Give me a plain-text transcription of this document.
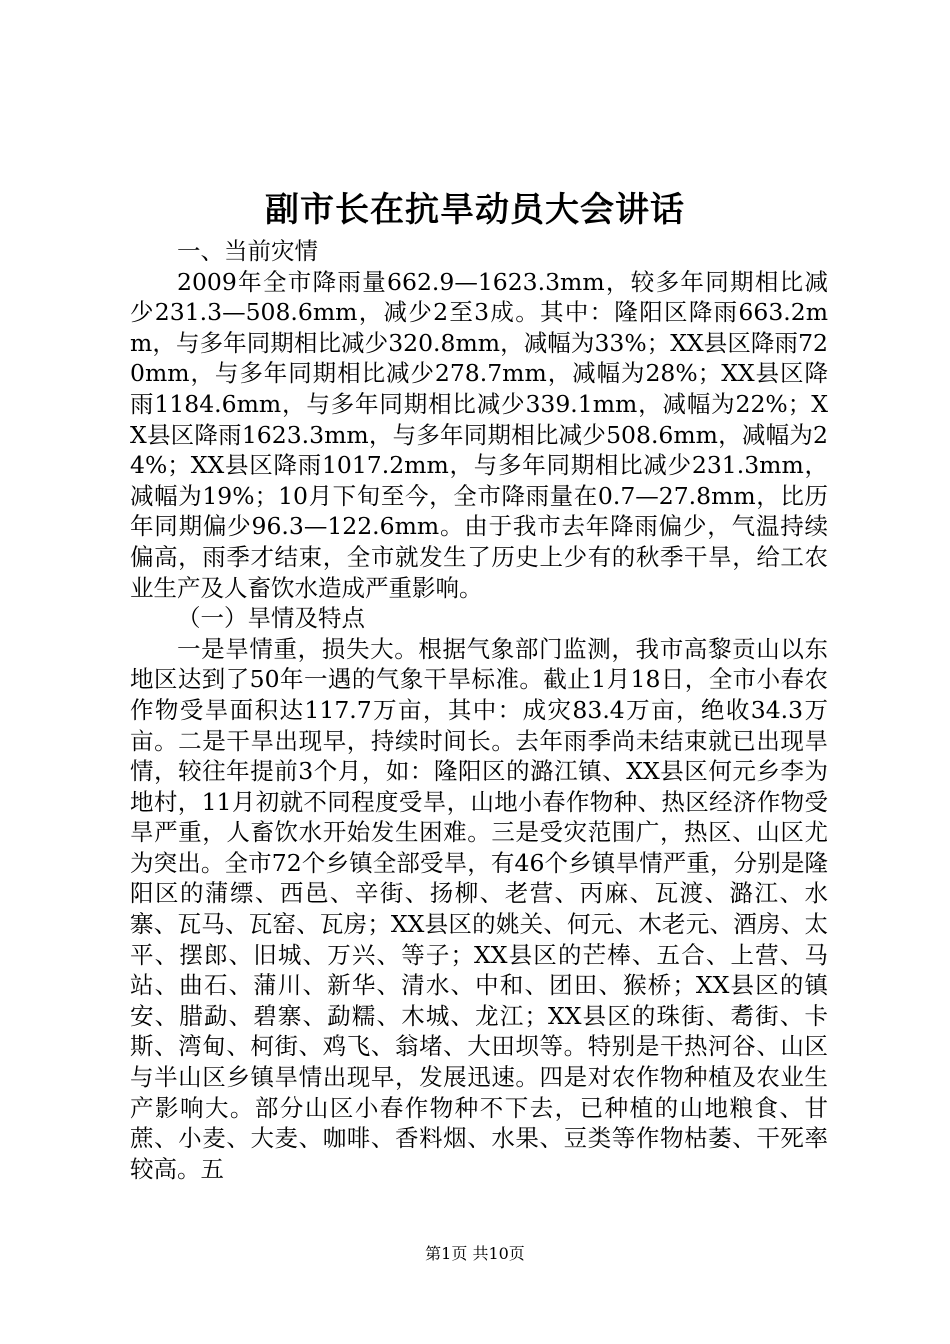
副市长在抗旱动员大会讲话

一、当前灾情

2009年全市降雨量662.9—1623.3mm，较多年同期相比减少231.3—508.6mm，减少2至3成。其中：隆阳区降雨663.2mm，与多年同期相比减少320.8mm，减幅为33%；XX县区降雨720mm，与多年同期相比减少278.7mm，减幅为28%；XX县区降雨1184.6mm，与多年同期相比减少339.1mm，减幅为22%；XX县区降雨1623.3mm，与多年同期相比减少508.6mm，减幅为24%；XX县区降雨1017.2mm，与多年同期相比减少231.3mm，减幅为19%；10月下旬至今，全市降雨量在0.7—27.8mm，比历年同期偏少96.3—122.6mm。由于我市去年降雨偏少，气温持续偏高，雨季才结束，全市就发生了历史上少有的秋季干旱，给工农业生产及人畜饮水造成严重影响。

（一）旱情及特点

一是旱情重，损失大。根据气象部门监测，我市高黎贡山以东地区达到了50年一遇的气象干旱标准。截止1月18日，全市小春农作物受旱面积达117.7万亩，其中：成灾83.4万亩，绝收34.3万亩。二是干旱出现早，持续时间长。去年雨季尚未结束就已出现旱情，较往年提前3个月，如：隆阳区的潞江镇、XX县区何元乡李为地村，11月初就不同程度受旱，山地小春作物种、热区经济作物受旱严重，人畜饮水开始发生困难。三是受灾范围广，热区、山区尤为突出。全市72个乡镇全部受旱，有46个乡镇旱情严重，分别是隆阳区的蒲缥、西邑、辛街、扬柳、老营、丙麻、瓦渡、潞江、水寨、瓦马、瓦窑、瓦房；XX县区的姚关、何元、木老元、酒房、太平、摆郎、旧城、万兴、等子；XX县区的芒棒、五合、上营、马站、曲石、蒲川、新华、清水、中和、团田、猴桥；XX县区的镇安、腊勐、碧寨、勐糯、木城、龙江；XX县区的珠街、耈街、卡斯、湾甸、柯街、鸡飞、翁堵、大田坝等。特别是干热河谷、山区与半山区乡镇旱情出现早，发展迅速。四是对农作物种植及农业生产影响大。部分山区小春作物种不下去，已种植的山地粮食、甘蔗、小麦、大麦、咖啡、香料烟、水果、豆类等作物枯萎、干死率较高。五

第1页 共10页
